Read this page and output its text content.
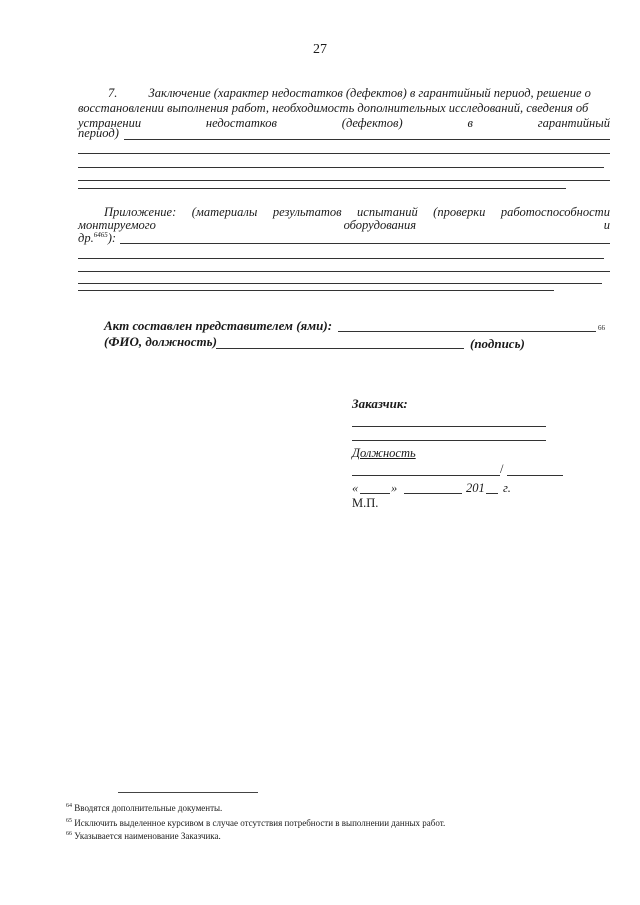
27
7. Заключение (характер недостатков (дефектов) в гарантийный период, решение о
восстановлении выполнения работ, необходимость дополнительных исследований, сведения об
устранении	недостатков	(дефектов)	в	гарантийный
период)
Приложение: (материалы результатов испытаний (проверки работоспособности
монтируемого	оборудования	и
др.$^{6465}$):
Акт составлен представителем (ями):	66
(ФИО, должность)	(подпись)
Заказчик:
Должность
/
«	»	201 г.
М.П.
$^{64}$ Вводятся дополнительные документы.
$^{65}$ Исключить выделенное курсивом в случае отсутствия потребности в выполнении данных работ.
$^{66}$ Указывается наименование Заказчика.
